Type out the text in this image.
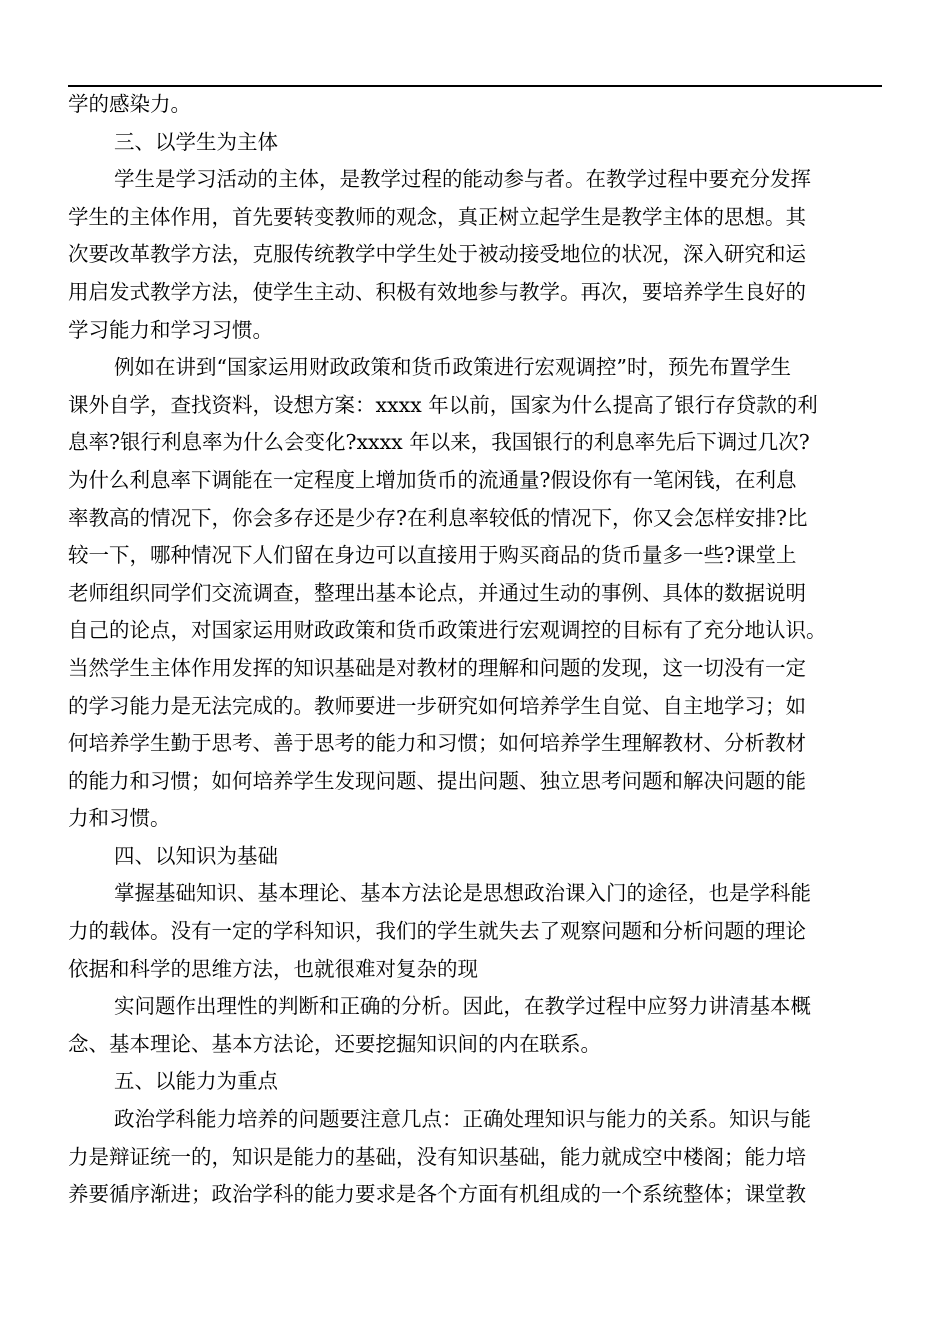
学的感染力。
三、以学生为主体
学生是学习活动的主体，是教学过程的能动参与者。在教学过程中要充分发挥
学生的主体作用，首先要转变教师的观念，真正树立起学生是教学主体的思想。其
次要改革教学方法，克服传统教学中学生处于被动接受地位的状况，深入研究和运
用启发式教学方法，使学生主动、积极有效地参与教学。再次，要培养学生良好的
学习能力和学习习惯。
例如在讲到“国家运用财政政策和货币政策进行宏观调控”时，预先布置学生
课外自学，查找资料，设想方案：xxxx 年以前，国家为什么提高了银行存贷款的利
息率?银行利息率为什么会变化?xxxx 年以来，我国银行的利息率先后下调过几次?
为什么利息率下调能在一定程度上增加货币的流通量?假设你有一笔闲钱，在利息
率教高的情况下，你会多存还是少存?在利息率较低的情况下，你又会怎样安排?比
较一下，哪种情况下人们留在身边可以直接用于购买商品的货币量多一些?课堂上
老师组织同学们交流调查，整理出基本论点，并通过生动的事例、具体的数据说明
自己的论点，对国家运用财政政策和货币政策进行宏观调控的目标有了充分地认识。
当然学生主体作用发挥的知识基础是对教材的理解和问题的发现，这一切没有一定
的学习能力是无法完成的。教师要进一步研究如何培养学生自觉、自主地学习；如
何培养学生勤于思考、善于思考的能力和习惯；如何培养学生理解教材、分析教材
的能力和习惯；如何培养学生发现问题、提出问题、独立思考问题和解决问题的能
力和习惯。
四、以知识为基础
掌握基础知识、基本理论、基本方法论是思想政治课入门的途径，也是学科能
力的载体。没有一定的学科知识，我们的学生就失去了观察问题和分析问题的理论
依据和科学的思维方法，也就很难对复杂的现
实问题作出理性的判断和正确的分析。因此，在教学过程中应努力讲清基本概
念、基本理论、基本方法论，还要挖掘知识间的内在联系。
五、以能力为重点
政治学科能力培养的问题要注意几点：正确处理知识与能力的关系。知识与能
力是辩证统一的，知识是能力的基础，没有知识基础，能力就成空中楼阁；能力培
养要循序渐进；政治学科的能力要求是各个方面有机组成的一个系统整体；课堂教
